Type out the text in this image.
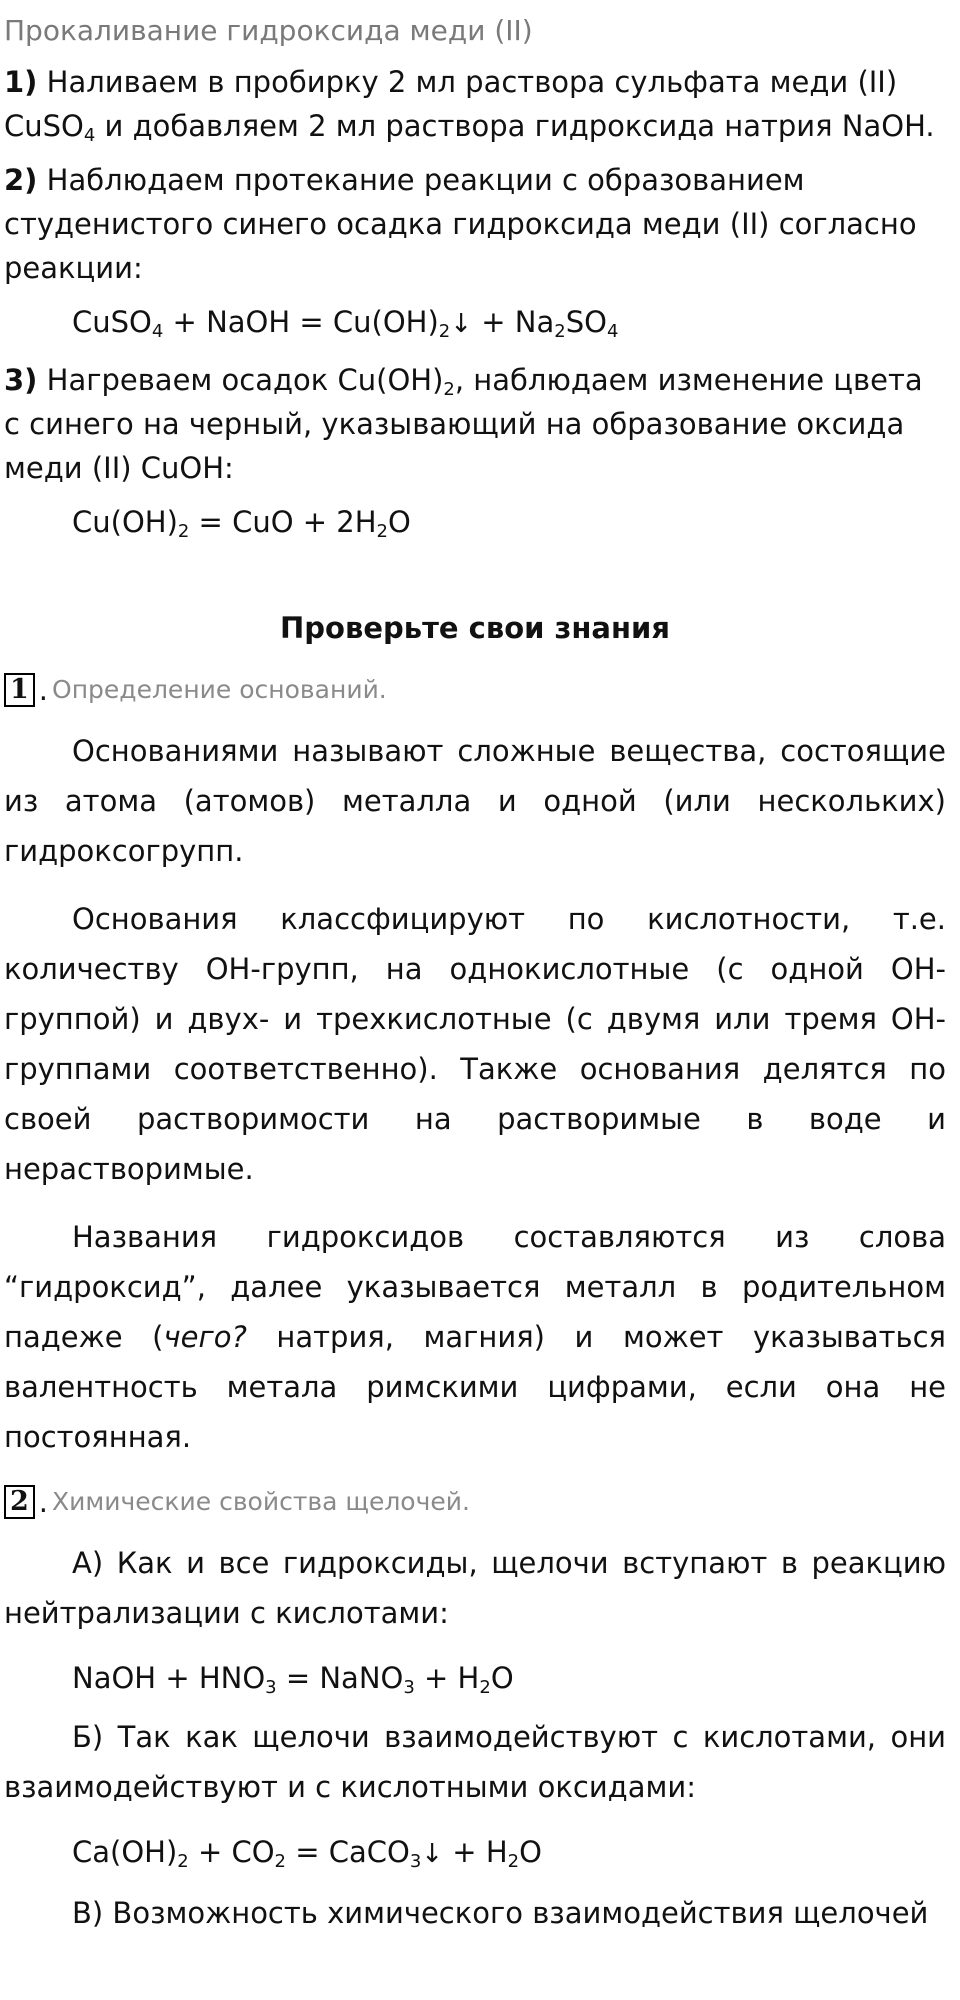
Прокаливание гидроксида меди (II)

1) Наливаем в пробирку 2 мл раствора сульфата меди (II) CuSO$_4$ и добавляем 2 мл раствора гидроксида натрия NaOH.

2) Наблюдаем протекание реакции с образованием студенистого синего осадка гидроксида меди (II) согласно реакции:

CuSO$_4$ + NaOH = $Cu(OH)_2↓ + Na_2SO_4$

3) Нагреваем осадок $Cu(OH)_2$, наблюдаем изменение цвета с синего на черный, указывающий на образование оксида меди (II) CuOH:

$Cu(OH)_2$ = CuO + $2H_2O$
Проверьте свои знания
1 . Определение оснований.

Основаниями называют сложные вещества, состоящие из атома (атомов) металла и одной (или нескольких) гидроксогрупп.

Основания классфицируют по кислотности, т.е. количеству OH-групп, на однокислотные (с одной OH-группой) и двух- и трехкислотные (с двумя или тремя OH-группами соответственно). Также основания делятся по своей растворимости на растворимые в воде и нерастворимые.

Названия гидроксидов составляются из слова “гидроксид”, далее указывается металл в родительном падеже (чего? натрия, магния) и может указываться валентность метала римскими цифрами, если она не постоянная.

2 . Химические свойства щелочей.

А) Как и все гидроксиды, щелочи вступают в реакцию нейтрализации с кислотами:

NaOH + $HNO_3$ = NaNO$_3$ + $H_2O$

Б) Так как щелочи взаимодействуют с кислотами, они взаимодействуют и с кислотными оксидами:

$Ca(OH)_2 + CO_2$ = CaCO$_3$↓ + $H_2O$

В) Возможность химического взаимодействия щелочей
